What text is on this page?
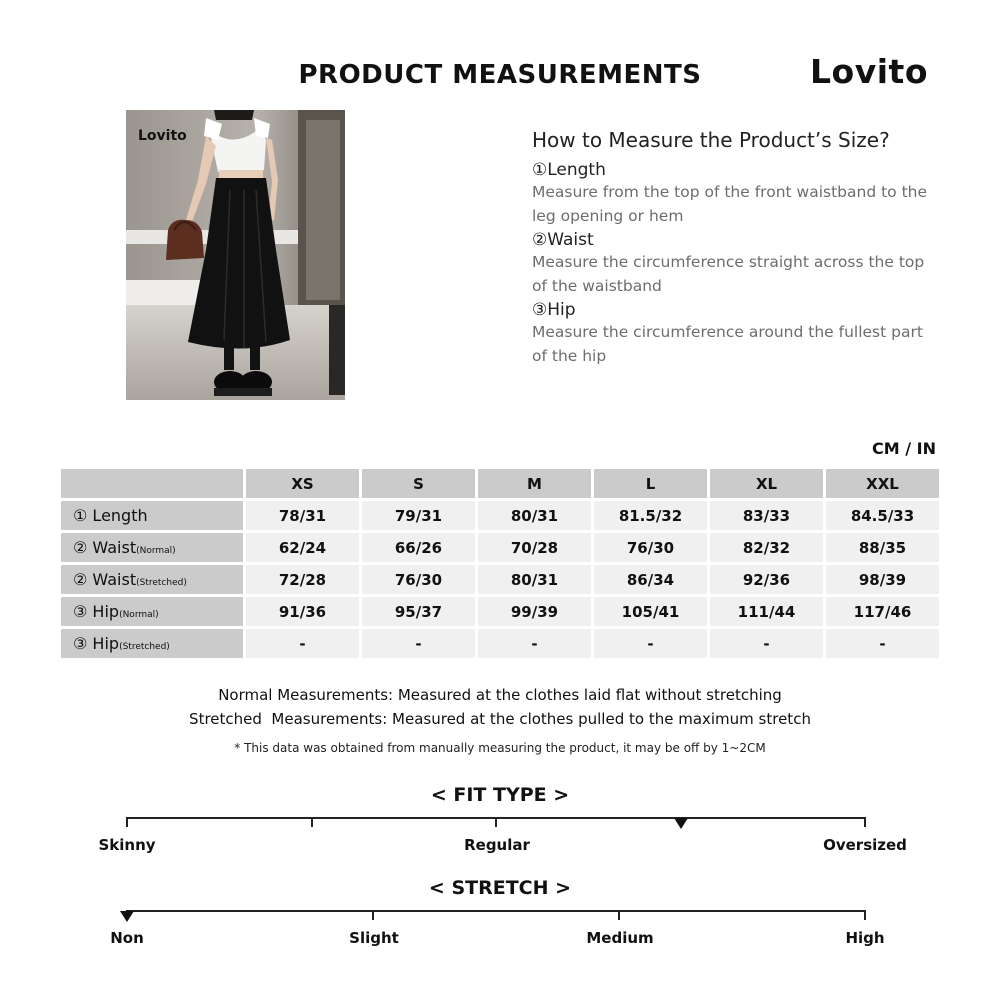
PRODUCT MEASUREMENTS	Lovito
Lovito	How to Measure the Product’s Size?
①Length
Measure from the top of the front waistband to the leg opening or hem
②Waist
Measure the circumference straight across the top of the waistband
③Hip
Measure the circumference around the fullest part of the hip
CM / IN
	XS	S	M	L	XL	XXL
① Length	78/31	79/31	80/31	81.5/32	83/33	84.5/33
② Waist(Normal)	62/24	66/26	70/28	76/30	82/32	88/35
② Waist(Stretched)	72/28	76/30	80/31	86/34	92/36	98/39
③ Hip(Normal)	91/36	95/37	99/39	105/41	111/44	117/46
③ Hip(Stretched)	-	-	-	-	-	-
Normal Measurements: Measured at the clothes laid flat without stretching
Stretched  Measurements: Measured at the clothes pulled to the maximum stretch
* This data was obtained from manually measuring the product, it may be off by 1~2CM
< FIT TYPE >
Skinny	Regular	Oversized
< STRETCH >
Non	Slight	Medium	High
